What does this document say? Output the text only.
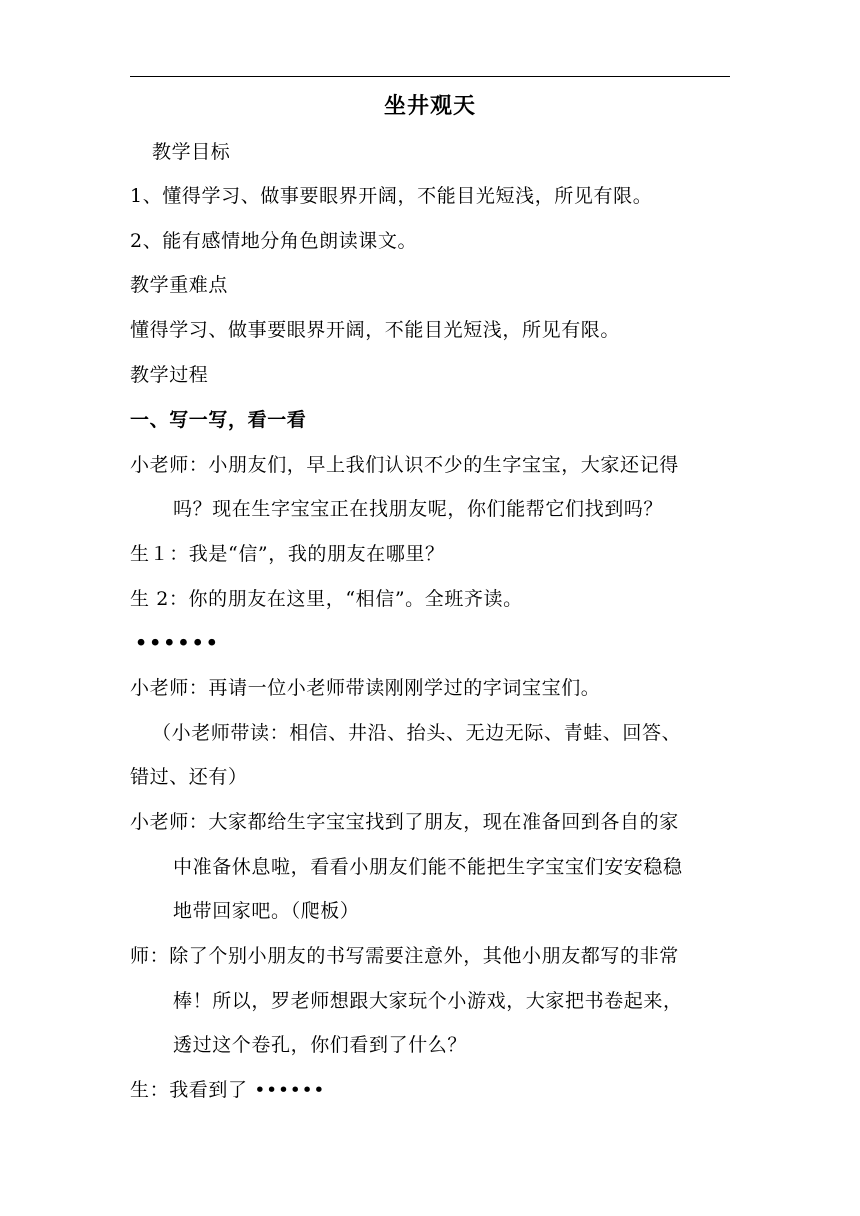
坐井观天
教学目标
1、懂得学习、做事要眼界开阔，不能目光短浅，所见有限。
2、能有感情地分角色朗读课文。
教学重难点
懂得学习、做事要眼界开阔，不能目光短浅，所见有限。
教学过程
一、写一写，看一看
小老师：小朋友们，早上我们认识不少的生字宝宝，大家还记得
吗？现在生字宝宝正在找朋友呢，你们能帮它们找到吗？
生１：我是“信”，我的朋友在哪里？
生 2：你的朋友在这里，“相信”。全班齐读。
••••••
小老师：再请一位小老师带读刚刚学过的字词宝宝们。
（小老师带读：相信、井沿、抬头、无边无际、青蛙、回答、
错过、还有）
小老师：大家都给生字宝宝找到了朋友，现在准备回到各自的家
中准备休息啦，看看小朋友们能不能把生字宝宝们安安稳稳
地带回家吧。（爬板）
师：除了个别小朋友的书写需要注意外，其他小朋友都写的非常
棒！所以，罗老师想跟大家玩个小游戏，大家把书卷起来，
透过这个卷孔，你们看到了什么？
生：我看到了 ••••••
